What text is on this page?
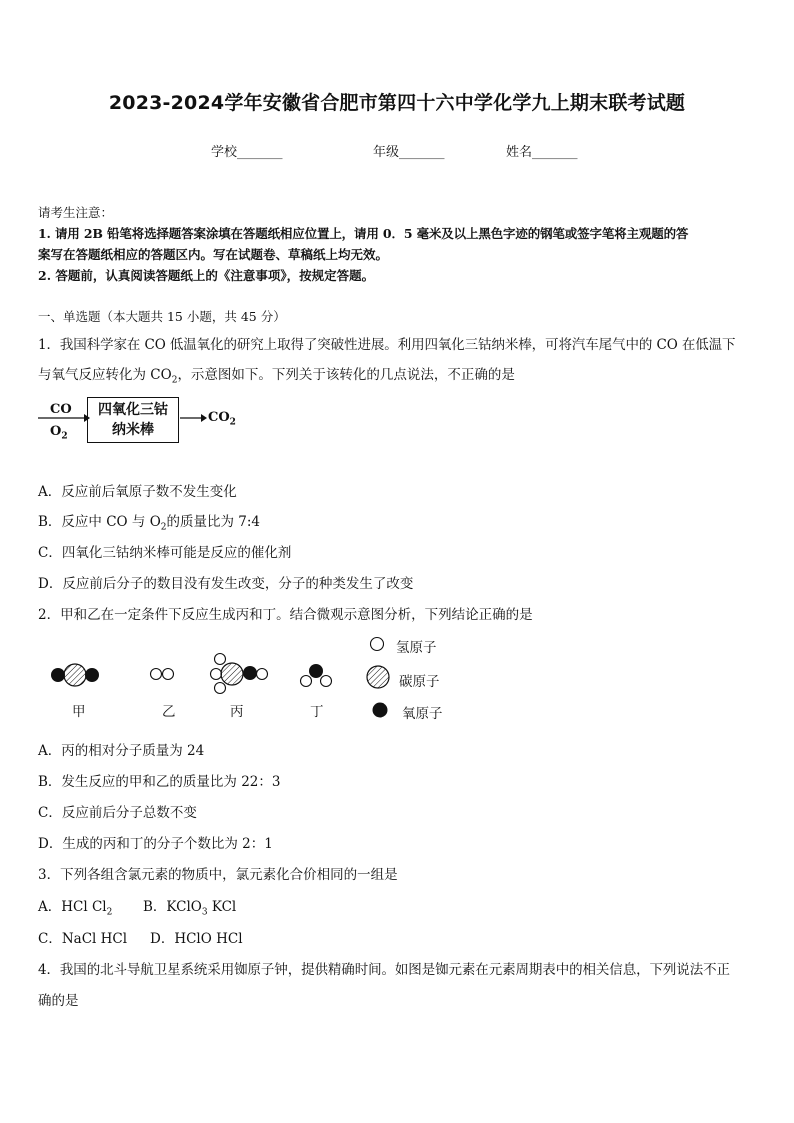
2023-2024学年安徽省合肥市第四十六中学化学九上期末联考试题
学校_______	年级_______	姓名_______
请考生注意：
1. 请用 2B 铅笔将选择题答案涂填在答题纸相应位置上，请用 0．5 毫米及以上黑色字迹的钢笔或签字笔将主观题的答
案写在答题纸相应的答题区内。写在试题卷、草稿纸上均无效。
2. 答题前，认真阅读答题纸上的《注意事项》，按规定答题。
一、单选题（本大题共 15 小题，共 45 分）
1．我国科学家在 CO 低温氧化的研究上取得了突破性进展。利用四氧化三钴纳米棒，可将汽车尾气中的 CO 在低温下
与氧气反应转化为 $CO_2$，示意图如下。下列关于该转化的几点说法，不正确的是
CO
$O_2$
四氧化三钴
纳米棒
$CO_2$
A．反应前后氧原子数不发生变化
B．反应中 CO 与 $O_2$的质量比为 7:4
C．四氧化三钴纳米棒可能是反应的催化剂
D．反应前后分子的数目没有发生改变，分子的种类发生了改变
2．甲和乙在一定条件下反应生成丙和丁。结合微观示意图分析，下列结论正确的是
甲	乙	丙	丁
氢原子
碳原子
氧原子
A．丙的相对分子质量为 24
B．发生反应的甲和乙的质量比为 22：3
C．反应前后分子总数不变
D．生成的丙和丁的分子个数比为 2：1
3．下列各组含氯元素的物质中，氯元素化合价相同的一组是
A．HCl $Cl_2$ B．KClO$_3$ KCl
C．NaCl HCl D．HClO HCl
4．我国的北斗导航卫星系统采用铷原子钟，提供精确时间。如图是铷元素在元素周期表中的相关信息，下列说法不正
确的是
